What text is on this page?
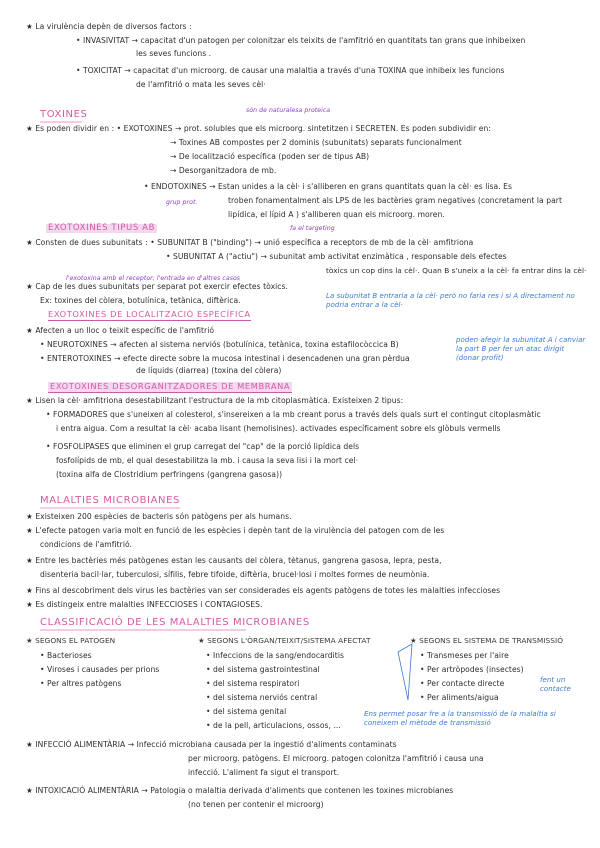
★ La virulència depèn de diversos factors :
• INVASIVITAT → capacitat d'un patogen per colonitzar els teixits de l'amfitrió en quantitats tan grans que inhibeixen
les seves funcions .
• TOXICITAT → capacitat d'un microorg. de causar una malaltia a través d'una TOXINA que inhibeix les funcions
de l'amfitrió o mata les seves cèl·
TOXINES	són de naturalesa proteica
★ Es poden dividir en : • EXOTOXINES → prot. solubles que els microorg. sintetitzen i SECRETEN. Es poden subdividir en:
→ Toxines AB compostes per 2 dominis (subunitats) separats funcionalment
→ De localització específica (poden ser de tipus AB)
→ Desorganitzadora de mb.
• ENDOTOXINES → Estan unides a la cèl· i s'alliberen en grans quantitats quan la cèl· es lisa. Es
troben fonamentalment als LPS de les bactèries gram negatives (concretament la part
lipídica, el lípid A ) s'alliberen quan els microorg. moren.
grup prot.
EXOTOXINES TIPUS AB	fa el targeting
★ Consten de dues subunitats : • SUBUNITAT B ("binding") → unió específica a receptors de mb de la cèl· amfitriona
• SUBUNITAT A ("actiu") → subunitat amb activitat enzimàtica , responsable dels efectes
tòxics un cop dins la cèl·. Quan B s'uneix a la cèl· fa entrar dins la cèl·
★ Cap de les dues subunitats per separat pot exercir efectes tòxics.
l'exotoxina amb el receptor; l'entrada en d'altres casos
Ex: toxines del còlera, botulínica, tetànica, diftèrica.	La subunitat B entraria a la cèl· però no faria res i si A directament no podria entrar a la cèl·
poden afegir la subunitat A i canviar la part B per fer un atac dirigit (donar profit)
EXOTOXINES DE LOCALITZACIÓ ESPECÍFICA
★ Afecten a un lloc o teixit específic de l'amfitrió
• NEUROTOXINES → afecten al sistema nerviós (botulínica, tetànica, toxina estafilocòccica B)
• ENTEROTOXINES → efecte directe sobre la mucosa intestinal i desencadenen una gran pèrdua
de líquids (diarrea) (toxina del còlera)
EXOTOXINES DESORGANITZADORES DE MEMBRANA
★ Lisen la cèl· amfitriona desestabilitzant l'estructura de la mb citoplasmàtica. Existeixen 2 tipus:
• FORMADORES que s'uneixen al colesterol, s'insereixen a la mb creant porus a través dels quals surt el contingut citoplasmàtic
i entra aigua. Com a resultat la cèl· acaba lisant (hemolisines). activades específicament sobre els glòbuls vermells
• FOSFOLIPASES que eliminen el grup carregat del "cap" de la porció lipídica dels
fosfolípids de mb, el qual desestabilitza la mb. i causa la seva lisi i la mort cel·
(toxina alfa de Clostridium perfringens (gangrena gasosa))
MALALTIES MICROBIANES
★ Existeixen 200 espècies de bacteris són patògens per als humans.
★ L'efecte patogen varia molt en funció de les espècies i depèn tant de la virulència del patogen com de les
condicions de l'amfitrió.
★ Entre les bactèries més patògenes estan les causants del còlera, tètanus, gangrena gasosa, lepra, pesta,
disenteria bacil·lar, tuberculosi, sífilis, febre tifoide, diftèria, brucel·losi i moltes formes de neumònia.
★ Fins al descobriment dels virus les bactèries van ser considerades els agents patògens de totes les malalties infeccioses
★ Es distingeix entre malalties INFECCIOSES i CONTAGIOSES.
CLASSIFICACIÓ DE LES MALALTIES MICROBIANES
★ SEGONS EL PATOGEN
• Bacterioses
• Viroses i causades per prions
• Per altres patògens
★ SEGONS L'ÒRGAN/TEIXIT/SISTEMA AFECTAT
• Infeccions de la sang/endocarditis
• del sistema gastrointestinal
• del sistema respiratori
• del sistema nerviós central
• del sistema genital
• de la pell, articulacions, ossos, ...
★ SEGONS EL SISTEMA DE TRANSMISSIÓ
• Transmeses per l'aire
• Per artròpodes (insectes)
• Per contacte directe
• Per aliments/aigua
fent un contacte
Ens permet posar fre a la transmissió de la malaltia si coneixem el mètode de transmissió
★ INFECCIÓ ALIMENTÀRIA → Infecció microbiana causada per la ingestió d'aliments contaminats
per microorg. patògens. El microorg. patogen colonitza l'amfitrió i causa una
infecció. L'aliment fa sigut el transport.
★ INTOXICACIÓ ALIMENTÀRIA → Patologia o malaltia derivada d'aliments que contenen les toxines microbianes
(no tenen per contenir el microorg)
